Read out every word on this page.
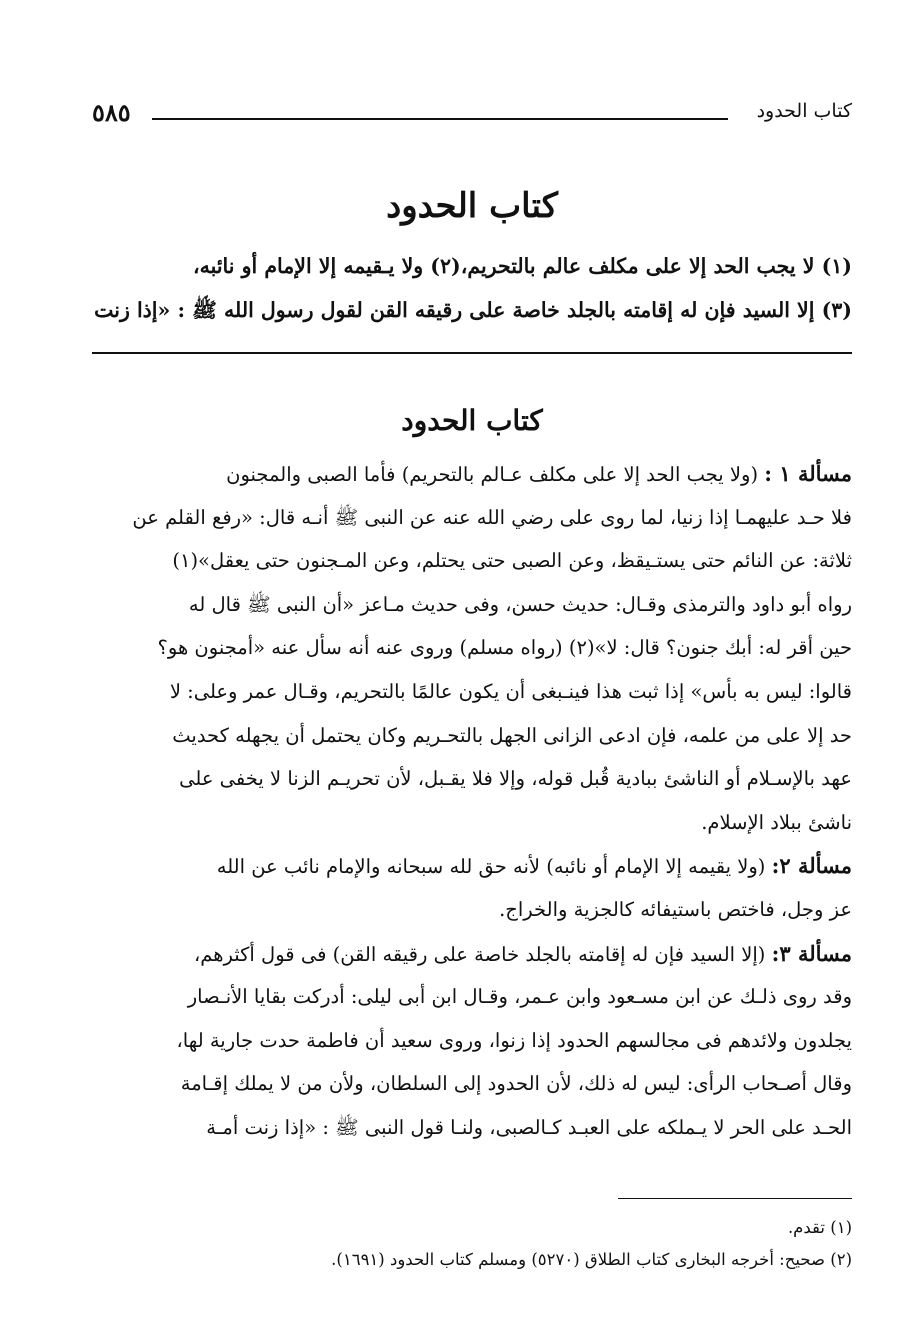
كتاب الحدود
٥٨٥
كتاب الحدود

(١) لا يجب الحد إلا على مكلف عالم بالتحريم،(٢) ولا يـقيمه إلا الإمام أو نائبه،

(٣) إلا السيد فإن له إقامته بالجلد خاصة على رقيقه القن لقول رسول الله ﷺ : «إذا زنت

كتاب الحدود

مسألة ١ : (ولا يجب الحد إلا على مكلف عـالم بالتحريم) فأما الصبى والمجنون

فلا حـد عليهمـا إذا زنيا، لما روى على رضي الله عنه عن النبى ﷺ أنـه قال: «رفع القلم عن

ثلاثة: عن النائم حتى يستـيقظ، وعن الصبى حتى يحتلم، وعن المـجنون حتى يعقل»(١)

رواه أبو داود والترمذى وقـال: حديث حسن، وفى حديث مـاعز «أن النبى ﷺ قال له

حين أقر له: أبك جنون؟ قال: لا»(٢) (رواه مسلم) وروى عنه أنه سأل عنه «أمجنون هو؟

قالوا: ليس به بأس» إذا ثبت هذا فينـبغى أن يكون عالمًا بالتحريم، وقـال عمر وعلى: لا

حد إلا على من علمه، فإن ادعى الزانى الجهل بالتحـريم وكان يحتمل أن يجهله كحديث

عهد بالإسـلام أو الناشئ ببادية قُبل قوله، وإلا فلا يقـبل، لأن تحريـم الزنا لا يخفى على

ناشئ ببلاد الإسلام.

مسألة ٢: (ولا يقيمه إلا الإمام أو نائبه) لأنه حق لله سبحانه والإمام نائب عن الله

عز وجل، فاختص باستيفائه كالجزية والخراج.

مسألة ٣: (إلا السيد فإن له إقامته بالجلد خاصة على رقيقه القن) فى قول أكثرهم،

وقد روى ذلـك عن ابن مسـعود وابن عـمر، وقـال ابن أبى ليلى: أدركت بقايا الأنـصار

يجلدون ولائدهم فى مجالسهم الحدود إذا زنوا، وروى سعيد أن فاطمة حدت جارية لها،

وقال أصـحاب الرأى: ليس له ذلك، لأن الحدود إلى السلطان، ولأن من لا يملك إقـامة

الحـد على الحر لا يـملكه على العبـد كـالصبى، ولنـا قول النبى ﷺ : «إذا زنت أمـة

(١) تقدم.

(٢) صحيح: أخرجه البخارى كتاب الطلاق (٥٢٧٠) ومسلم كتاب الحدود (١٦٩١).
